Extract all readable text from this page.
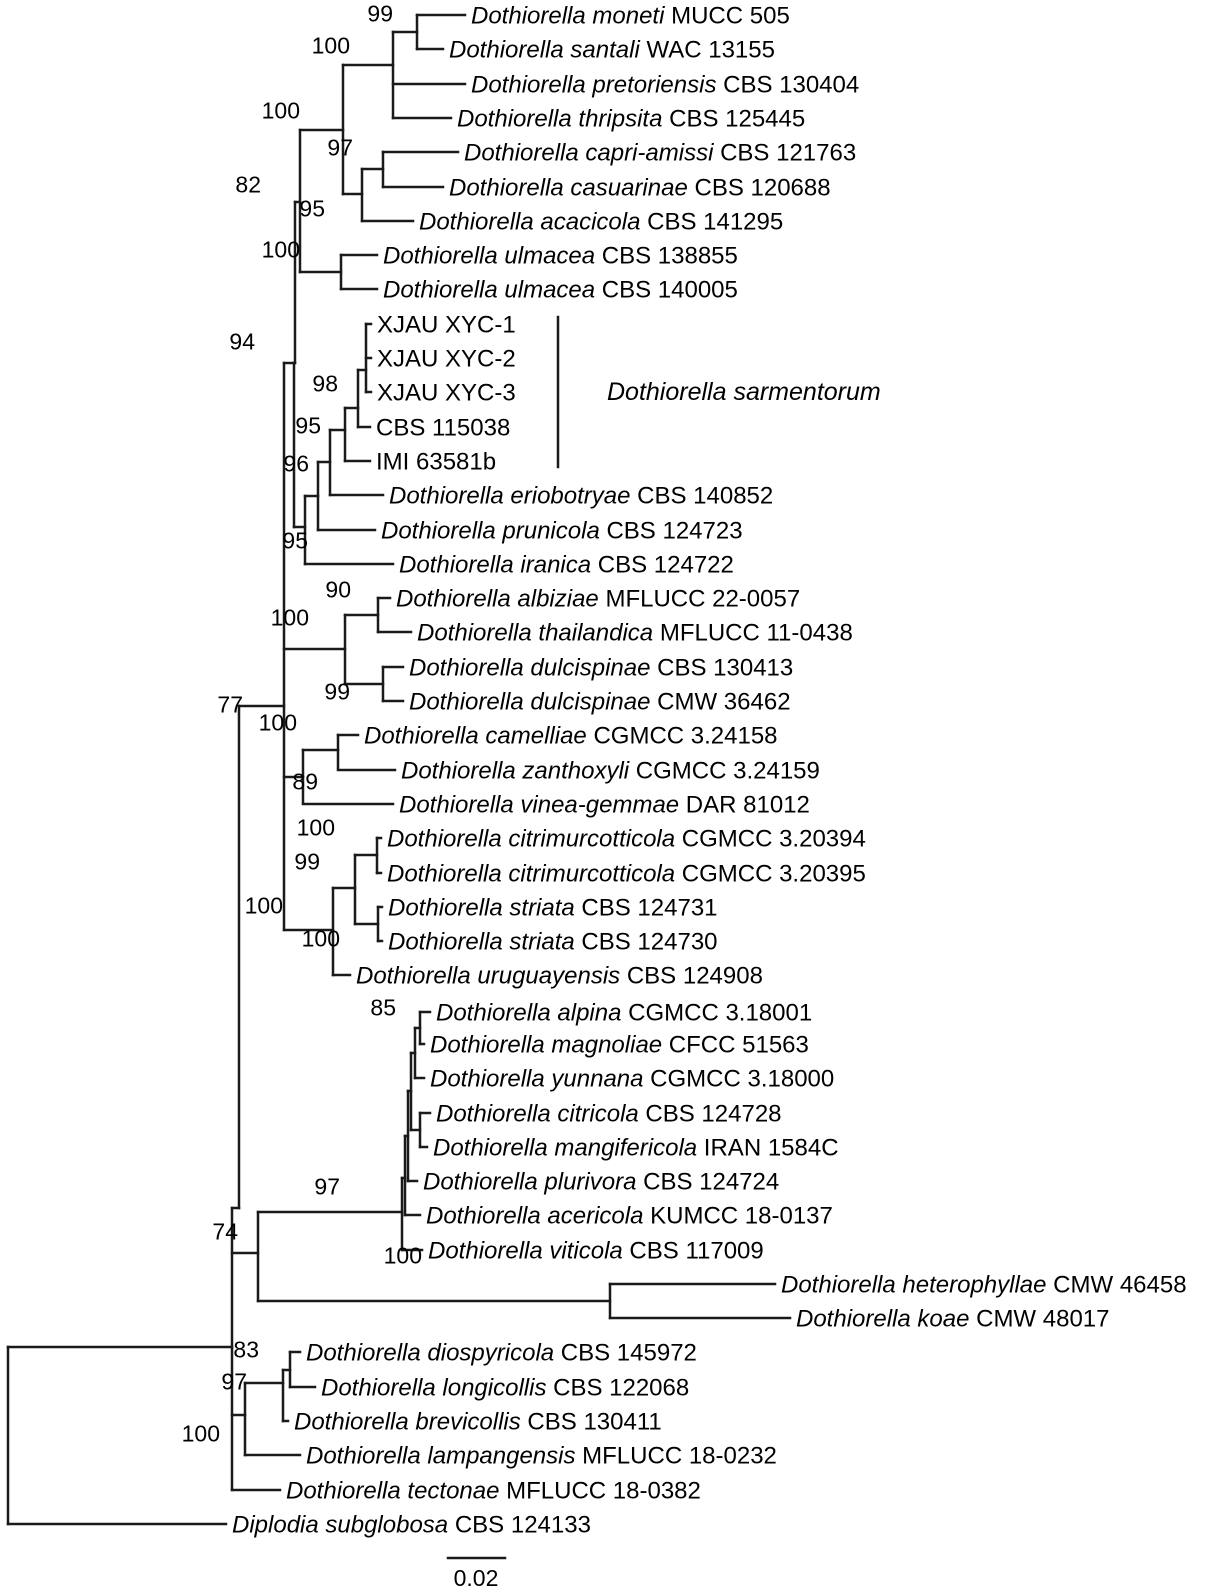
Dothiorella moneti MUCC 505
Dothiorella santali WAC 13155
Dothiorella pretoriensis CBS 130404
Dothiorella thripsita CBS 125445
Dothiorella capri-amissi CBS 121763
Dothiorella casuarinae CBS 120688
Dothiorella acacicola CBS 141295
Dothiorella ulmacea CBS 138855
Dothiorella ulmacea CBS 140005
XJAU XYC-1
XJAU XYC-2
XJAU XYC-3
CBS 115038
IMI 63581b
Dothiorella eriobotryae CBS 140852
Dothiorella prunicola CBS 124723
Dothiorella iranica CBS 124722
Dothiorella albiziae MFLUCC 22-0057
Dothiorella thailandica MFLUCC 11-0438
Dothiorella dulcispinae CBS 130413
Dothiorella dulcispinae CMW 36462
Dothiorella camelliae CGMCC 3.24158
Dothiorella zanthoxyli CGMCC 3.24159
Dothiorella vinea-gemmae DAR 81012
Dothiorella citrimurcotticola CGMCC 3.20394
Dothiorella citrimurcotticola CGMCC 3.20395
Dothiorella striata CBS 124731
Dothiorella striata CBS 124730
Dothiorella uruguayensis CBS 124908
Dothiorella alpina CGMCC 3.18001
Dothiorella magnoliae CFCC 51563
Dothiorella yunnana CGMCC 3.18000
Dothiorella citricola CBS 124728
Dothiorella mangifericola IRAN 1584C
Dothiorella plurivora CBS 124724
Dothiorella acericola KUMCC 18-0137
Dothiorella viticola CBS 117009
Dothiorella heterophyllae CMW 46458
Dothiorella koae CMW 48017
Dothiorella diospyricola CBS 145972
Dothiorella longicollis CBS 122068
Dothiorella brevicollis CBS 130411
Dothiorella lampangensis MFLUCC 18-0232
Dothiorella tectonae MFLUCC 18-0382
Diplodia subglobosa CBS 124133
99
100
100
97
95
82
100
94
98
95
96
95
90
100
99
77
100
89
100
99
100
100
85
97
74
100
83
97
100
Dothiorella sarmentorum
0.02
